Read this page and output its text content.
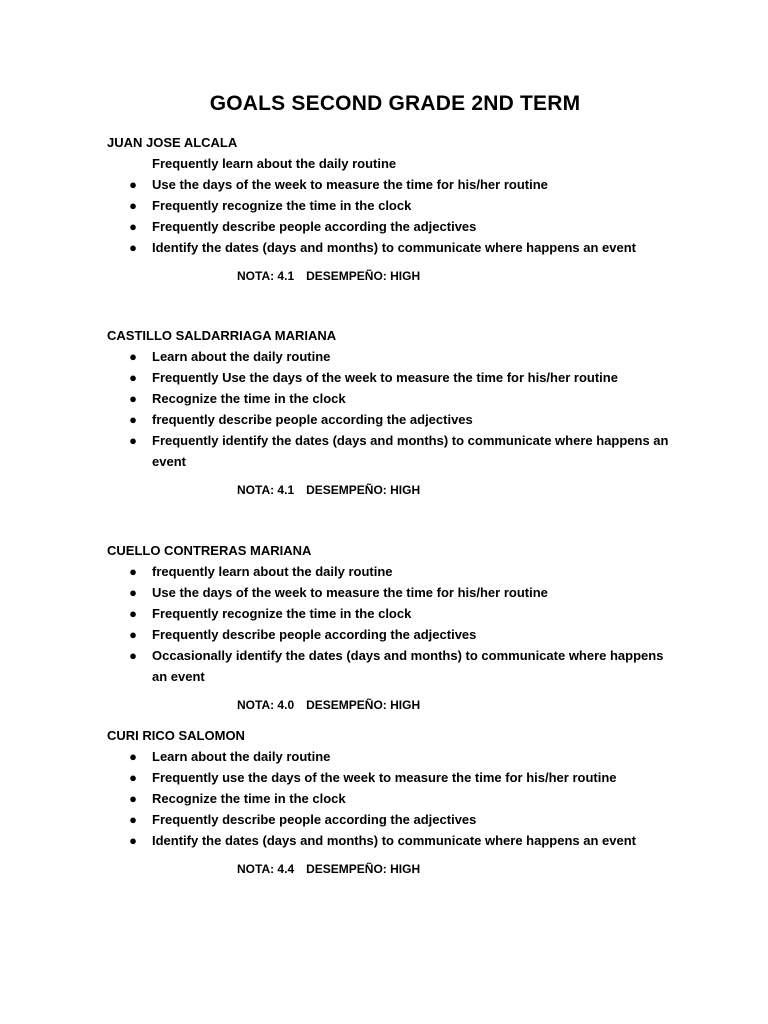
GOALS SECOND GRADE 2ND TERM
JUAN JOSE ALCALA
Frequently learn about the daily routine
● Use the days of the week to measure the time for his/her routine
● Frequently recognize the time in the clock
● Frequently describe people according the adjectives
● Identify the dates (days and months) to communicate where happens an event
NOTA: 4.1 DESEMPEÑO: HIGH
CASTILLO SALDARRIAGA MARIANA
● Learn about the daily routine
● Frequently Use the days of the week to measure the time for his/her routine
● Recognize the time in the clock
● frequently describe people according the adjectives
● Frequently identify the dates (days and months) to communicate where happens an event
NOTA: 4.1 DESEMPEÑO: HIGH
CUELLO CONTRERAS MARIANA
● frequently learn about the daily routine
● Use the days of the week to measure the time for his/her routine
● Frequently recognize the time in the clock
● Frequently describe people according the adjectives
● Occasionally identify the dates (days and months) to communicate where happens an event
NOTA: 4.0 DESEMPEÑO: HIGH
CURI RICO SALOMON
● Learn about the daily routine
● Frequently use the days of the week to measure the time for his/her routine
● Recognize the time in the clock
● Frequently describe people according the adjectives
● Identify the dates (days and months) to communicate where happens an event
NOTA: 4.4 DESEMPEÑO: HIGH
